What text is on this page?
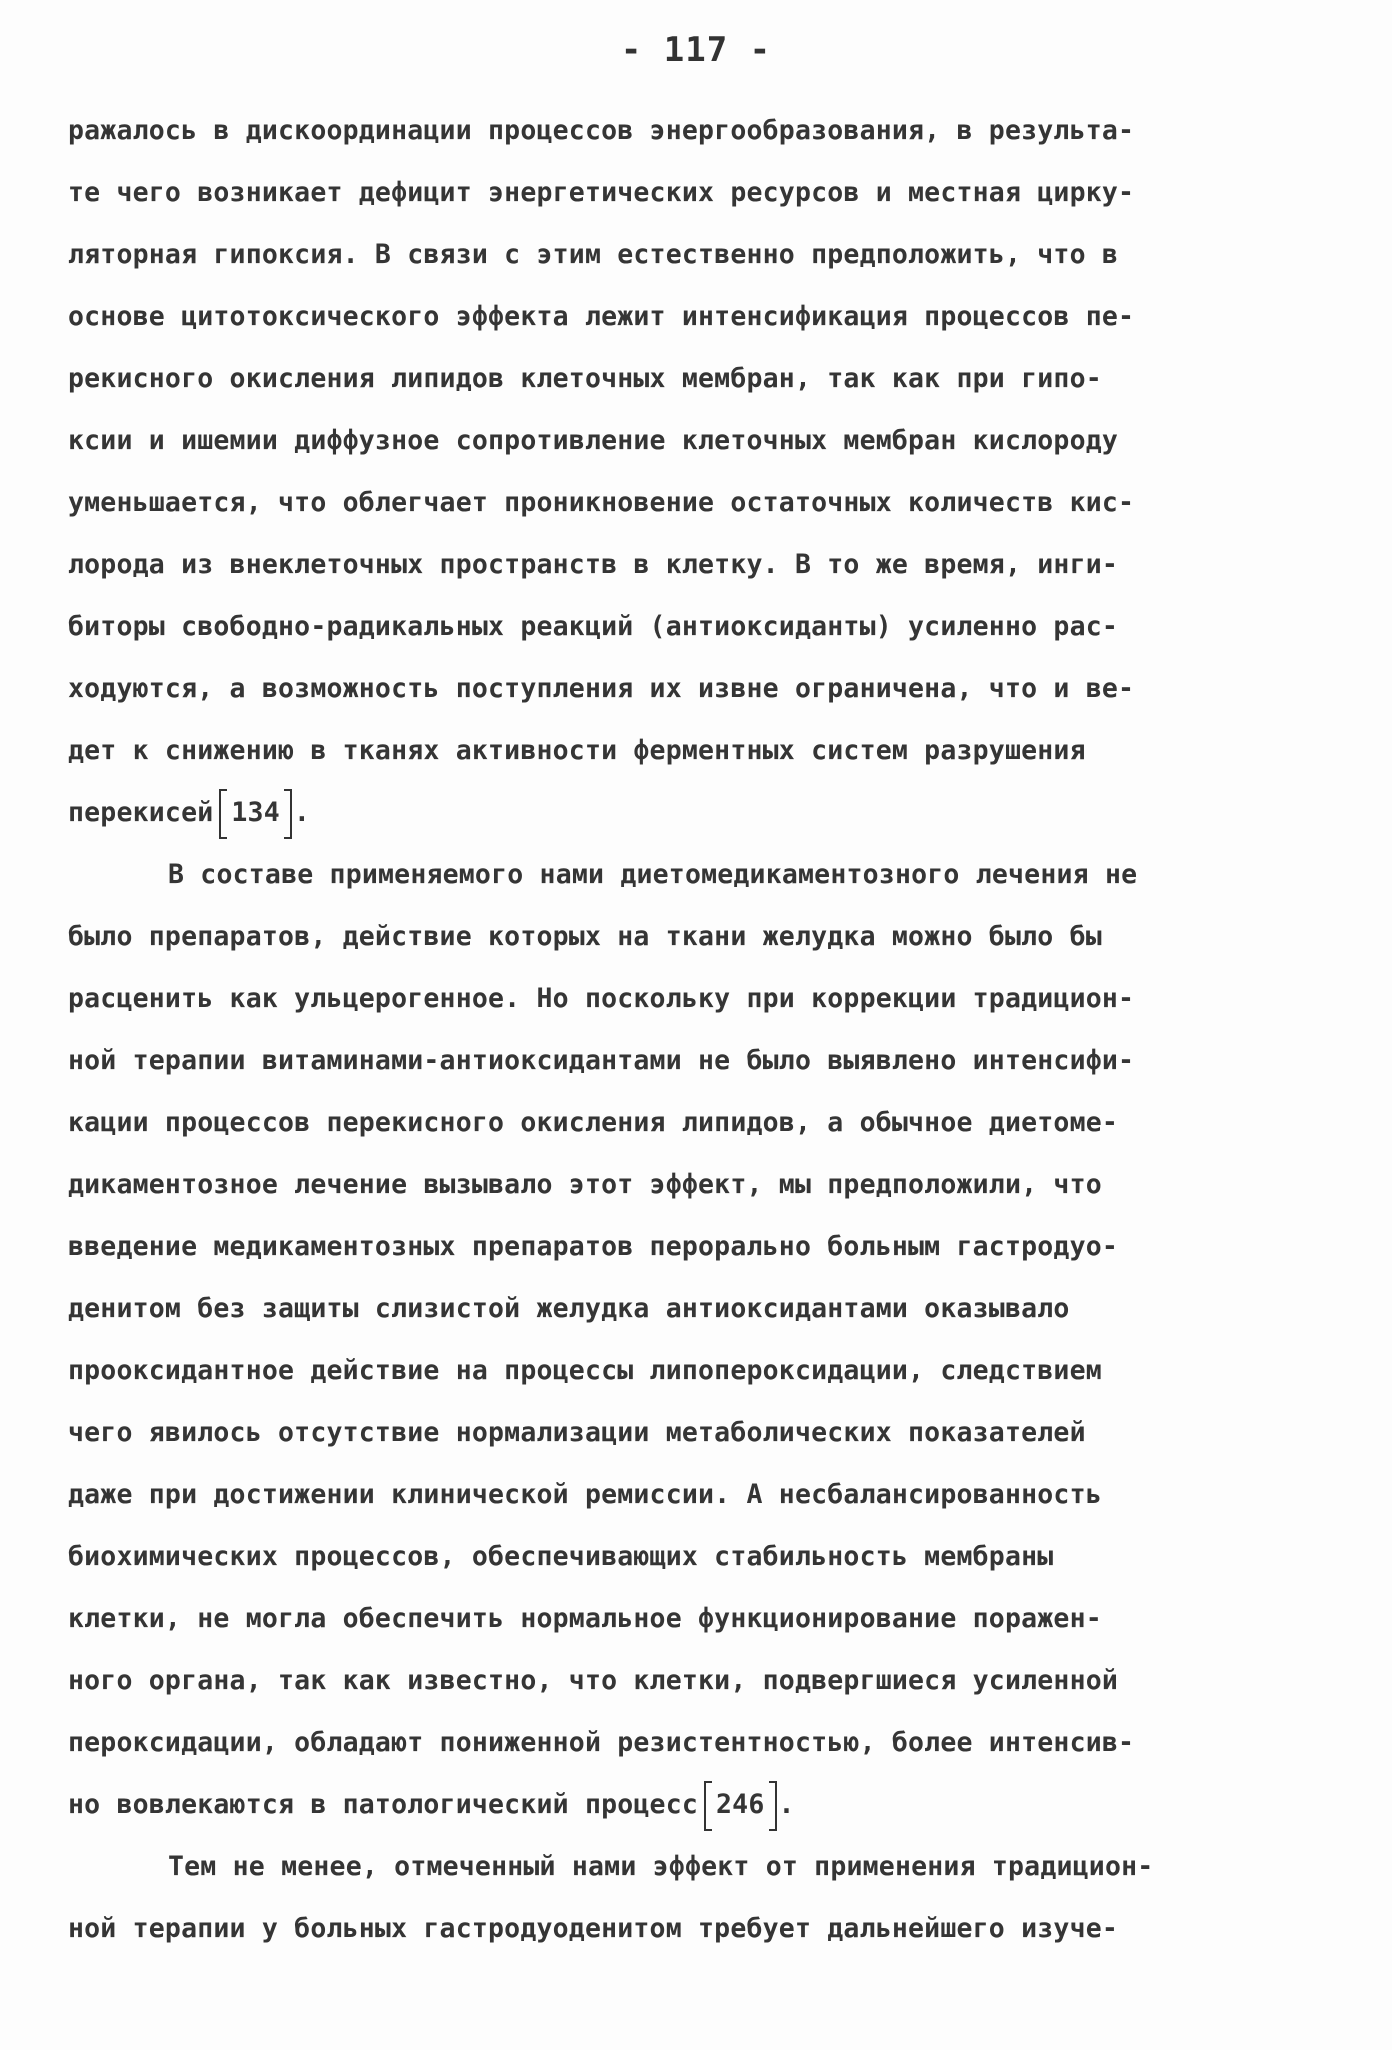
- 117 -
ражалось в дискоординации процессов энергообразования, в результа-
те чего возникает дефицит энергетических ресурсов и местная цирку-
ляторная гипоксия. В связи с этим естественно предположить, что в
основе цитотоксического эффекта лежит интенсификация процессов пе-
рекисного окисления липидов клеточных мембран, так как при гипо-
ксии и ишемии диффузное сопротивление клеточных мембран кислороду
уменьшается, что облегчает проникновение остаточных количеств кис-
лорода из внеклеточных пространств в клетку. В то же время, инги-
биторы свободно-радикальных реакций (антиоксиданты) усиленно рас-
ходуются, а возможность поступления их извне ограничена, что и ве-
дет к снижению в тканях активности ферментных систем разрушения
перекисей 134 .
В составе применяемого нами диетомедикаментозного лечения не
было препаратов, действие которых на ткани желудка можно было бы
расценить как ульцерогенное. Но поскольку при коррекции традицион-
ной терапии витаминами-антиоксидантами не было выявлено интенсифи-
кации процессов перекисного окисления липидов, а обычное диетоме-
дикаментозное лечение вызывало этот эффект, мы предположили, что
введение медикаментозных препаратов перорально больным гастродуо-
денитом без защиты слизистой желудка антиоксидантами оказывало
прооксидантное действие на процессы липопероксидации, следствием
чего явилось отсутствие нормализации метаболических показателей
даже при достижении клинической ремиссии. А несбалансированность
биохимических процессов, обеспечивающих стабильность мембраны
клетки, не могла обеспечить нормальное функционирование поражен-
ного органа, так как известно, что клетки, подвергшиеся усиленной
пероксидации, обладают пониженной резистентностью, более интенсив-
но вовлекаются в патологический процесс 246 .
Тем не менее, отмеченный нами эффект от применения традицион-
ной терапии у больных гастродуоденитом требует дальнейшего изуче-
